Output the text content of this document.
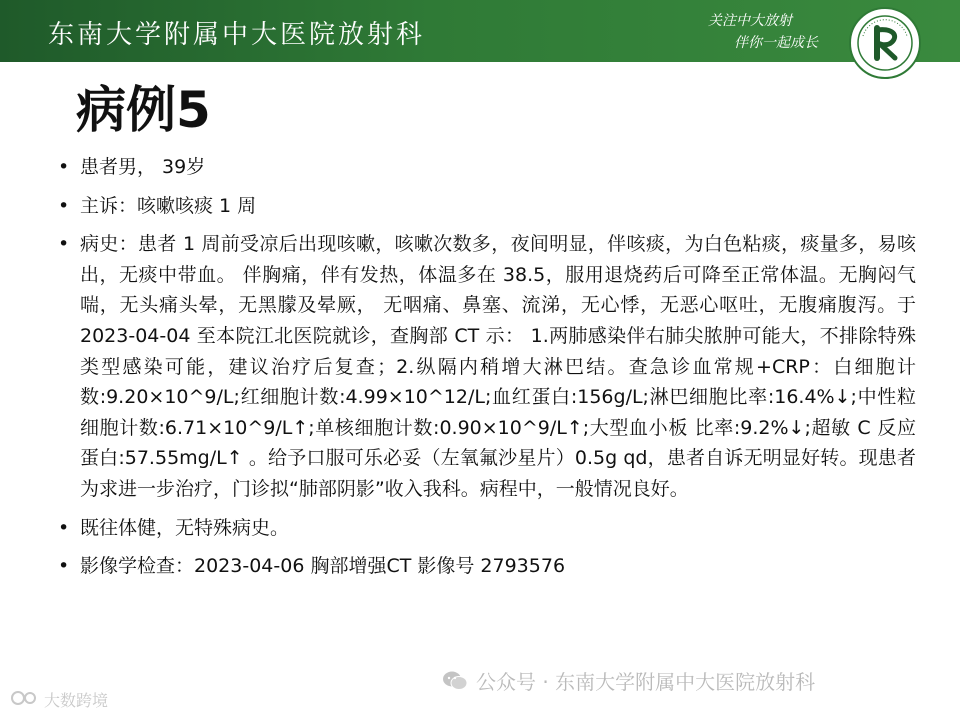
东南大学附属中大医院放射科	关注中大放射
伴你一起成长
病例5
• 患者男， 39岁
• 主诉：咳嗽咳痰 1 周
• 病史：患者 1 周前受凉后出现咳嗽，咳嗽次数多，夜间明显，伴咳痰，为白色粘痰，痰量多，易咳出，无痰中带血。 伴胸痛，伴有发热，体温多在 38.5，服用退烧药后可降至正常体温。无胸闷气喘，无头痛头晕，无黑朦及晕厥， 无咽痛、鼻塞、流涕，无心悸，无恶心呕吐，无腹痛腹泻。于 2023-04-04 至本院江北医院就诊，查胸部 CT 示： 1.两肺感染伴右肺尖脓肿可能大，不排除特殊类型感染可能，建议治疗后复查；2.纵隔内稍增大淋巴结。查急诊血常规+CRP：白细胞计数:9.20×10^9/L;红细胞计数:4.99×10^12/L;血红蛋白:156g/L;淋巴细胞比率:16.4%↓;中性粒细胞计数:6.71×10^9/L↑;单核细胞计数:0.90×10^9/L↑;大型血小板 比率:9.2%↓;超敏 C 反应蛋白:57.55mg/L↑ 。给予口服可乐必妥（左氧氟沙星片）0.5g qd，患者自诉无明显好转。现患者为求进一步治疗，门诊拟“肺部阴影”收入我科。病程中，一般情况良好。
• 既往体健，无特殊病史。
• 影像学检查：2023-04-06 胸部增强CT 影像号 2793576
公众号 · 东南大学附属中大医院放射科
大数跨境
